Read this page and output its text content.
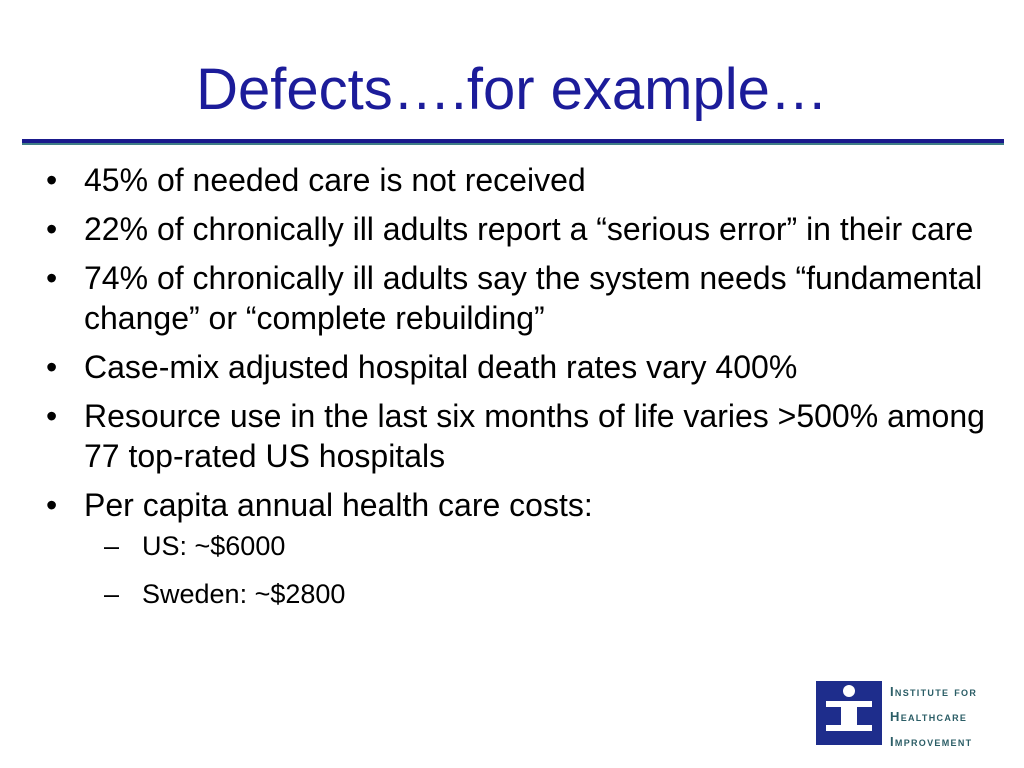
Defects….for example…
• 45% of needed care is not received
• 22% of chronically ill adults report a “serious error” in their care
• 74% of chronically ill adults say the system needs “fundamental change” or “complete rebuilding”
• Case-mix adjusted hospital death rates vary 400%
• Resource use in the last six months of life varies >500% among 77 top-rated US hospitals
• Per capita annual health care costs:
– US: ~$6000
– Sweden: ~$2800
Institute for
Healthcare
Improvement
